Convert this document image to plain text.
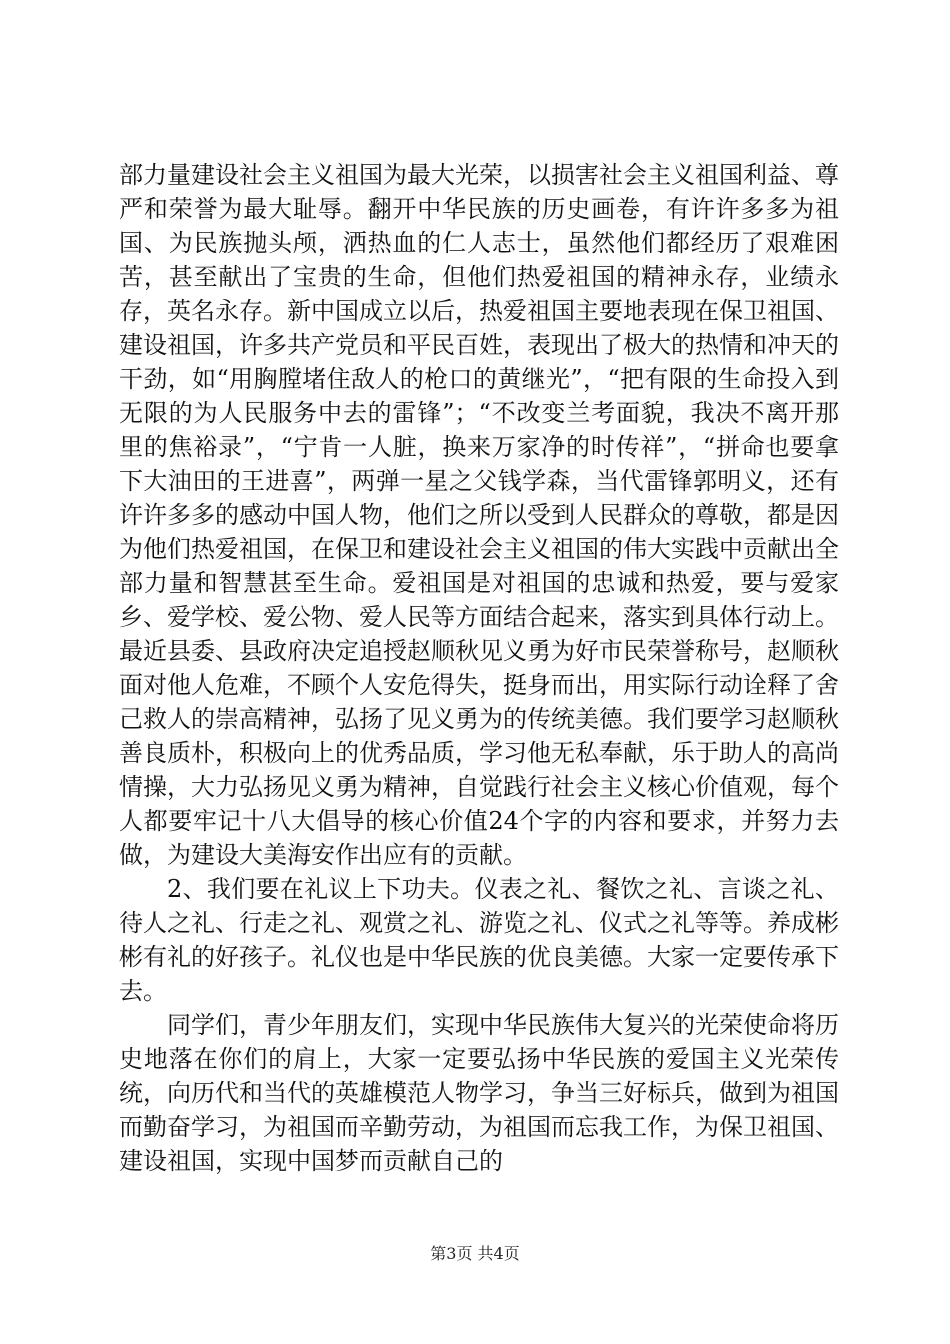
部力量建设社会主义祖国为最大光荣，以损害社会主义祖国利益、尊严和荣誉为最大耻辱。翻开中华民族的历史画卷，有许许多多为祖国、为民族抛头颅，洒热血的仁人志士，虽然他们都经历了艰难困苦，甚至献出了宝贵的生命，但他们热爱祖国的精神永存，业绩永存，英名永存。新中国成立以后，热爱祖国主要地表现在保卫祖国、建设祖国，许多共产党员和平民百姓，表现出了极大的热情和冲天的干劲，如“用胸膛堵住敌人的枪口的黄继光”，“把有限的生命投入到无限的为人民服务中去的雷锋”；“不改变兰考面貌，我决不离开那里的焦裕录”，“宁肯一人脏，换来万家净的时传祥”，“拼命也要拿下大油田的王进喜”，两弹一星之父钱学森，当代雷锋郭明义，还有许许多多的感动中国人物，他们之所以受到人民群众的尊敬，都是因为他们热爱祖国，在保卫和建设社会主义祖国的伟大实践中贡献出全部力量和智慧甚至生命。爱祖国是对祖国的忠诚和热爱，要与爱家乡、爱学校、爱公物、爱人民等方面结合起来，落实到具体行动上。最近县委、县政府决定追授赵顺秋见义勇为好市民荣誉称号，赵顺秋面对他人危难，不顾个人安危得失，挺身而出，用实际行动诠释了舍己救人的崇高精神，弘扬了见义勇为的传统美德。我们要学习赵顺秋善良质朴，积极向上的优秀品质，学习他无私奉献，乐于助人的高尚情操，大力弘扬见义勇为精神，自觉践行社会主义核心价值观，每个人都要牢记十八大倡导的核心价值24个字的内容和要求，并努力去做，为建设大美海安作出应有的贡献。

2、我们要在礼议上下功夫。仪表之礼、餐饮之礼、言谈之礼、待人之礼、行走之礼、观赏之礼、游览之礼、仪式之礼等等。养成彬彬有礼的好孩子。礼仪也是中华民族的优良美德。大家一定要传承下去。

同学们，青少年朋友们，实现中华民族伟大复兴的光荣使命将历史地落在你们的肩上，大家一定要弘扬中华民族的爱国主义光荣传统，向历代和当代的英雄模范人物学习，争当三好标兵，做到为祖国而勤奋学习，为祖国而辛勤劳动，为祖国而忘我工作，为保卫祖国、建设祖国，实现中国梦而贡献自己的

第3页 共4页
